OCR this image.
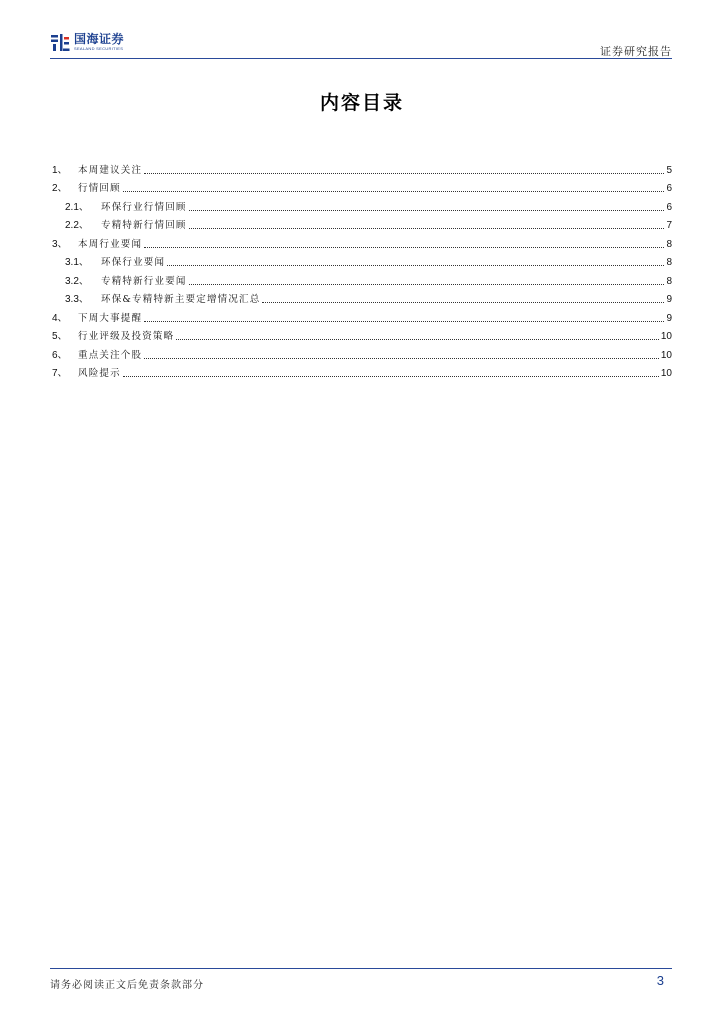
国海证券
SEALAND SECURITIES	证券研究报告
内容目录
1、	本周建议关注	5
2、	行情回顾	6
2.1、	环保行业行情回顾	6
2.2、	专精特新行情回顾	7
3、	本周行业要闻	8
3.1、	环保行业要闻	8
3.2、	专精特新行业要闻	8
3.3、	环保&专精特新主要定增情况汇总	9
4、	下周大事提醒	9
5、	行业评级及投资策略	10
6、	重点关注个股	10
7、	风险提示	10
请务必阅读正文后免责条款部分	3
